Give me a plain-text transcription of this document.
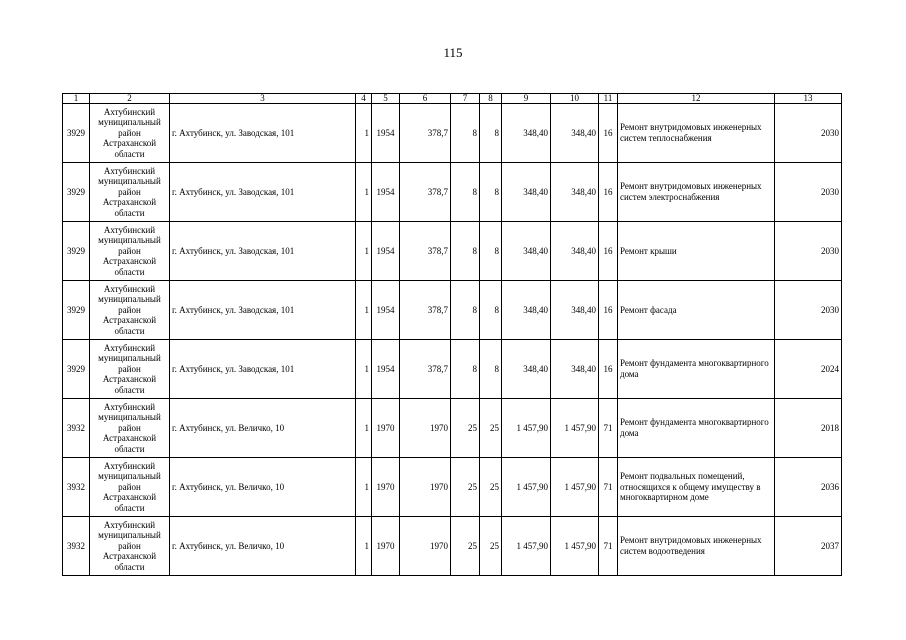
115
1	2	3	4	5	6	7	8	9	10	11	12	13
3929	Ахтубинский муниципальный район Астраханской области	г. Ахтубинск, ул. Заводская, 101	1	1954	378,7	8	8	348,40	348,40	16	Ремонт внутридомовых инженерных систем теплоснабжения	2030
3929	Ахтубинский муниципальный район Астраханской области	г. Ахтубинск, ул. Заводская, 101	1	1954	378,7	8	8	348,40	348,40	16	Ремонт внутридомовых инженерных систем электроснабжения	2030
3929	Ахтубинский муниципальный район Астраханской области	г. Ахтубинск, ул. Заводская, 101	1	1954	378,7	8	8	348,40	348,40	16	Ремонт крыши	2030
3929	Ахтубинский муниципальный район Астраханской области	г. Ахтубинск, ул. Заводская, 101	1	1954	378,7	8	8	348,40	348,40	16	Ремонт фасада	2030
3929	Ахтубинский муниципальный район Астраханской области	г. Ахтубинск, ул. Заводская, 101	1	1954	378,7	8	8	348,40	348,40	16	Ремонт фундамента многоквартирного дома	2024
3932	Ахтубинский муниципальный район Астраханской области	г. Ахтубинск, ул. Величко, 10	1	1970	1970	25	25	1 457,90	1 457,90	71	Ремонт фундамента многоквартирного дома	2018
3932	Ахтубинский муниципальный район Астраханской области	г. Ахтубинск, ул. Величко, 10	1	1970	1970	25	25	1 457,90	1 457,90	71	Ремонт подвальных помещений, относящихся к общему имуществу в многоквартирном доме	2036
3932	Ахтубинский муниципальный район Астраханской области	г. Ахтубинск, ул. Величко, 10	1	1970	1970	25	25	1 457,90	1 457,90	71	Ремонт внутридомовых инженерных систем водоотведения	2037
